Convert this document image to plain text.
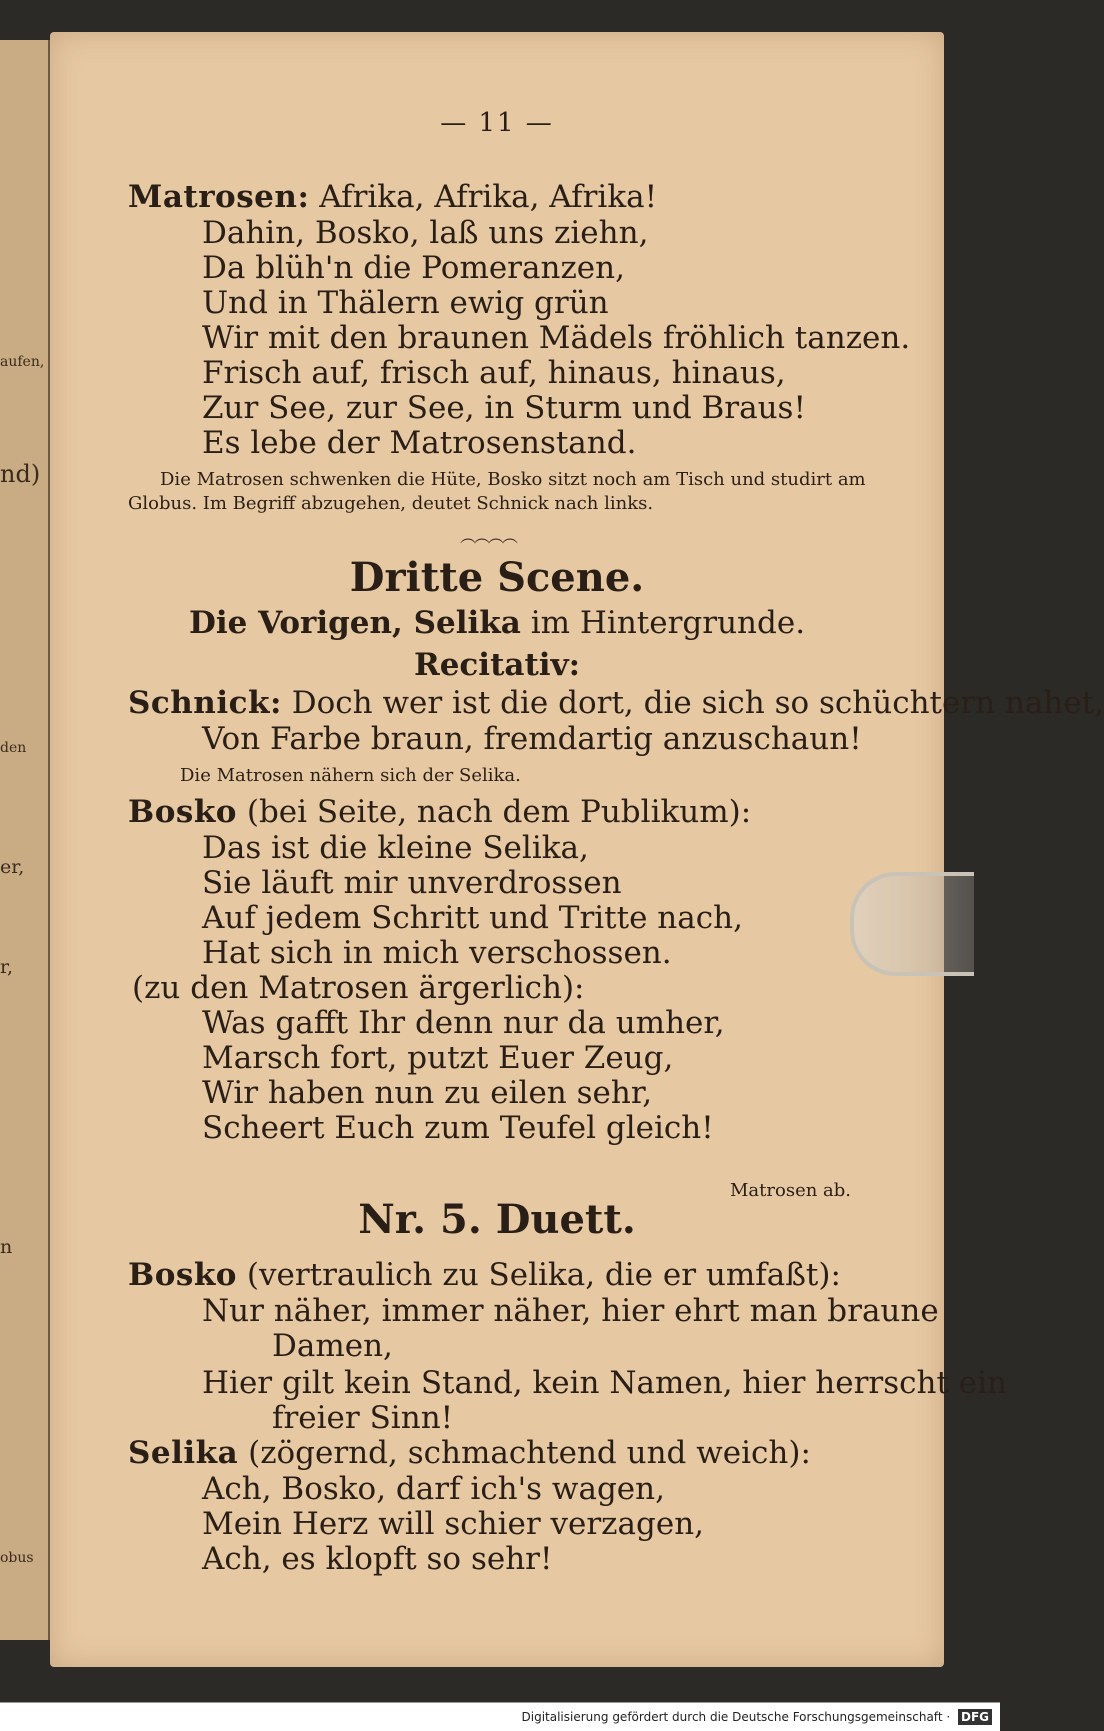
aufen,
nd)
den
er,
r,
n
obus
— 11 —
Matrosen: Afrika, Afrika, Afrika!
Dahin, Bosko, laß uns ziehn,
Da blüh'n die Pomeranzen,
Und in Thälern ewig grün
Wir mit den braunen Mädels fröhlich tanzen.
Frisch auf, frisch auf, hinaus, hinaus,
Zur See, zur See, in Sturm und Braus!
Es lebe der Matrosenstand.
Die Matrosen schwenken die Hüte, Bosko sitzt noch am Tisch und studirt am
Globus. Im Begriff abzugehen, deutet Schnick nach links.
︵︵︵︵
Dritte Scene.
Die Vorigen, Selika im Hintergrunde.
Recitativ:
Schnick: Doch wer ist die dort, die sich so schüchtern nahet,
Von Farbe braun, fremdartig anzuschaun!
Die Matrosen nähern sich der Selika.
Bosko (bei Seite, nach dem Publikum):
Das ist die kleine Selika,
Sie läuft mir unverdrossen
Auf jedem Schritt und Tritte nach,
Hat sich in mich verschossen.
(zu den Matrosen ärgerlich):
Was gafft Ihr denn nur da umher,
Marsch fort, putzt Euer Zeug,
Wir haben nun zu eilen sehr,
Scheert Euch zum Teufel gleich!
Matrosen ab.
Nr. 5. Duett.
Bosko (vertraulich zu Selika, die er umfaßt):
Nur näher, immer näher, hier ehrt man braune
Damen,
Hier gilt kein Stand, kein Namen, hier herrscht ein
freier Sinn!
Selika (zögernd, schmachtend und weich):
Ach, Bosko, darf ich's wagen,
Mein Herz will schier verzagen,
Ach, es klopft so sehr!
Digitalisierung gefördert durch die Deutsche Forschungsgemeinschaft · DFG
